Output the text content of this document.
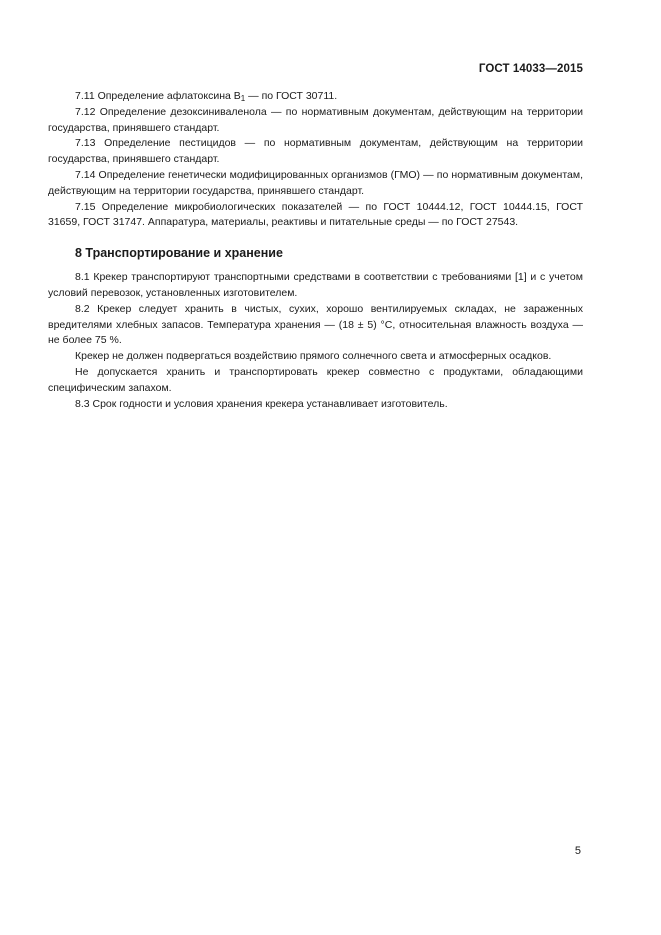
ГОСТ 14033—2015

7.11 Определение афлатоксина $В_1$ — по ГОСТ 30711.

7.12 Определение дезоксиниваленола — по нормативным документам, действующим на территории государства, принявшего стандарт.

7.13 Определение пестицидов — по нормативным документам, действующим на территории государства, принявшего стандарт.

7.14 Определение генетически модифицированных организмов (ГМО) — по нормативным документам, действующим на территории государства, принявшего стандарт.

7.15 Определение микробиологических показателей — по ГОСТ 10444.12, ГОСТ 10444.15, ГОСТ 31659, ГОСТ 31747. Аппаратура, материалы, реактивы и питательные среды — по ГОСТ 27543.

8 Транспортирование и хранение

8.1 Крекер транспортируют транспортными средствами в соответствии с требованиями [1] и с учетом условий перевозок, установленных изготовителем.

8.2 Крекер следует хранить в чистых, сухих, хорошо вентилируемых складах, не зараженных вредителями хлебных запасов. Температура хранения — (18 ± 5) °С, относительная влажность воздуха — не более 75 %.

Крекер не должен подвергаться воздействию прямого солнечного света и атмосферных осадков.

Не допускается хранить и транспортировать крекер совместно с продуктами, обладающими специфическим запахом.

8.3 Срок годности и условия хранения крекера устанавливает изготовитель.

5
